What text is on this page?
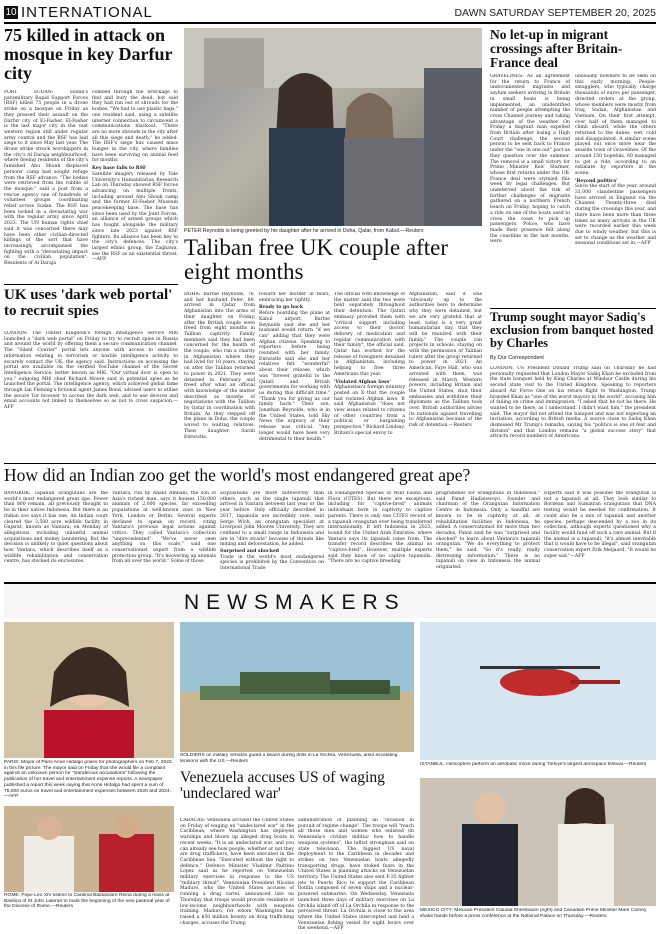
10 INTERNATIONAL	DAWN SATURDAY SEPTEMBER 20, 2025
75 killed in attack on mosque in key Darfur city
PORT SUDAN: Sudan's paramilitary Rapid Support Forces (RSF) killed 75 people in a drone strike on a mosque on Friday as they pressed their assault on the Darfur city of El-Fasher. El-Fasher is the last major city in the vast western region still under regular army control and the RSF has laid siege to it since May last year. The drone strike struck worshippers in the city's Al Daraja neighbourhood, where fleeing residents of the city's famished Abu Shouk displaced persons' camp had sought refuge from the RSF advance. "The bodies were retrieved from the rubble of the mosque," said a post from a rescue agency one of hundreds of volunteer groups coordinating relief across Sudan. The RSF has been locked in a devastating war with the regular army since April 2023. The UN human rights chief said it was concerned there may have been other civilian-directed killings of the sort that have increasingly accompanied the fighting with a "devastating impact on the civilian population". Residents of Al Daraja
combed through the wreckage to find and bury the dead, but said they had run out of shrouds for the bodies. "We had to use plastic bags," one resident said, using a satellite internet connection to circumvent a communications blackout. "There are no more shrouds in the city after all this siege and death," he added. The RSF's siege has caused mass hunger in the city, where families have been surviving on animal feed for months.
Key base falls to RSF
Satellite imagery released by Yale University's Humanitarian Research Lab on Thursday showed RSF forces advancing on multiple fronts, including around Abu Shouk camp and the former El-Fasher Museum peacekeeping base. The base has since been used by the Joint Forces, an alliance of armed groups which has fought alongside the military since late 2023 against RSF fighters. Its alliance has been key to the city's defences. The city's largest ethnic group, the Zaghawa, see the RSF as an existential threat.—AFP
UK uses 'dark web portal' to recruit spies
LONDON: The United Kingdom's foreign intelligence service MI6 launched a "dark web portal" on Friday to try to recruit spies in Russia and around the world by offering them a secure communication channel. The "Silent Courier" portal lets anyone with access to sensitive information relating to terrorism or hostile intelligence activity to securely contact the UK, the agency said. Instructions on accessing the portal are available on the verified YouTube channel of the Secret Intelligence Service, better known as MI6. "Our virtual door is open to you," outgoing MI6 chief Richard Moore said in potential spies as he launched the portal. The intelligence agency, which achieved global fame through Ian Fleming's fictional agent James Bond, advised users to utilise the secure Tor browser to access the dark web, and to use devices and email accounts not linked to themselves so as not to cross suspicion.—AFP
PETER Reynolds is being greeted by his daughter after he arrived in Doha, Qatar, from Kabul.—Reuters
Taliban free UK couple after eight months
DOHA: Barbie Reynolds, 76, and her husband Peter, 80, arrived in Qatar from Afghanistan into the arms of their daughter on Friday, after the British couple were freed from eight months in Taliban captivity. Family members said they had been concerned for the health of the couple, who ran a charity in Afghanistan where they had lived for 18 years, staying on after the Taliban returned to power in 2021. They were detained in February and freed after what an official with knowledge of the matter described as months of negotiations with the Taliban by Qatar in coordination with Britain. As they stepped off the plane in Doha, the couple waved to waiting relatives. Their daughter, Sarah Entwistle,
toward her mother in tears, embracing her tightly.
Ready to go back
Before boarding the plane at Kabul airport, Barbie Reynolds said she and her husband would return "if we can" adding that they were Afghan citizens. Speaking to reporters before being reunited with her family, Entwistle said she and her relatives felt "wonderful" about their release, which was "forever grateful to the Qatari and British governments for working with us during this difficult time." "Thank you for giving us our family back." Their son, Jonathan Reynolds, who is in the United States, told Sky News the urgency of their release was critical. "Any longer would have been very detrimental to their health."
The official with knowledge of the matter said the two were held separately throughout their detention. The Qatari embassy provided them with "critical support including access to their doctor, delivery of medication and regular communication with their family", the official said. Qatar has worked for the release of foreigners detained in Afghanistan, including helping to free three Americans this year.
'Violated Afghan laws'
Afghanistan's foreign ministry posted on X that the couple had violated Afghan laws. It said Afghanistan "does not view issues related to citizens of other countries from a political or bargaining perspective." Richard Lindsay, Britain's special envoy to
Afghanistan, said it was "obviously up to the authorities here to determine why they were detained, but we are very grateful that at least, today is a very great humanitarian day, that they will be reunited with their family." The couple ran projects in schools, staying on with the permission of Taliban rulers after the group returned to power in 2021. An American, Faye Hall, who was arrested with them, was released in March. Western powers, including Britain and the United States, shut their embassies and withdrew their diplomats as the Taliban took over. British authorities advise its nationals against travelling to Afghanistan because of the risk of detention.—Reuters
No let-up in migrant crossings after Britain-France deal
GRAVELINES: As an agreement for the return to France of undocumented migrants and asylum seekers arriving in Britain in small boats is being implemented, an unidentified number of people attempting the cross Channel journey and taking advantage of the weather. On Friday a migrant man expelled from Britain after losing a High Court challenge, the second person to be sent back to France under the "one in one out" pact as they question over the summer. The removal is a small victory for Prime Minister Keir Starmer, whose first returns under the UK-France deal were stymied this week by legal challenges. But undeterred about the risk of further challenges of migrants gathered on a northern French beach on Friday, hoping to catch a ride on one of the boats used to cross the coast to pick up passengers. Police, who have made their presence felt along the coastline in the last months, were
unusually nowhere to be seen on this early morning. People-smugglers, who typically charge thousands of euros per passenger, directed orders at the group, whose members were mostly from Iraq, Sudan, Afghanistan and Vietnam. On their first attempt, over half of them managed to climb aboard, while the others returned to the dunes, wet, cold and disappointed. A similar scene played out once more near the seaside town of Gravelines. Of the around 150 hopefuls, 60 managed to get a ride, according to an estimate by reporters at the scene.
'Beyond politics'
Since the start of the year, around 31,000 clandestine passengers have arrived in England via the Channel. Twenty-three died during the crossings this year, and there have been more than three times as many arrivals in the UK were recorded earlier this week due to windy weather, but this is set to change as the weather and seasonal conditions set in.—AFP
Trump sought mayor Sadiq's exclusion from banquet hosted by Charles
By Our Correspondent
LONDON: US President Donald Trump said on Thursday he had personally requested that London Mayor Sadiq Khan be excluded from the state banquet held by King Charles at Windsor Castle during his second state visit to the United Kingdom. Speaking to reporters aboard Air Force One on his return flight to Washington, Trump branded Khan as "one of the worst mayors in the world", accusing him of failing on crime and immigration. "I asked that he not be there. He wanted to be there, as I understand, I didn't want him," the president said. The mayor did not attend the banquet and was not expecting an invitation, according to British media. A source close to Sadiq Khan dismissed Mr Trump's remarks, saying his "politics is one of fear and division" and that London remains "a global success story" that attracts record numbers of Americans.
How did an Indian zoo get the world's most endangered great ape?
BANGKOK: Tapanuli orangutans are the world's most endangered great ape. Fewer than 800 remain, all previously thought to be in their native Indonesia. But there is an Indian zoo says it has one. An Indian court cleared the 3,500 acre wildlife facility in Gujarat, known as Vantara, on Monday of allegations including unlawful animal acquisitions and money laundering. But the decision is unlikely to quiet questions about how Vantara, which describes itself as a wildlife rehabilitation and conservation centre, has stocked its enclosures.
Vantara, run by Anant Ambani, the son of Asia's richest man, says it houses 150,000 animals of 2,000 species, far exceeding populations at well-known zoos in New York, London or Berlin. Several experts declined to speak on record, citing Vantara's previous legal actions against critics. They called Vantara's collection "unprecedented". "We've never seen anything on this scale," said one conservationist expert from a wildlife protection group. "It's hoovering up animals from all over the world." Some of those
acquisitions are more noteworthy than others, such as the single tapanuli that arrived in Vantara between last year or the year before. Only officially described in 2017, tapanulis are incredibly rare, said Serge Wich, an orangutan specialist at Liverpool John Moores University. They are confined to a small range in Indonesia and are in "dire straits" because of threats like mining and deforestation, he added.
Surprised and shocked
Trade in the world's most endangered species is prohibited by the Convention on International Trade
in Endangered Species of Wild Fauna and Flora (CITES). But there are exceptions, including for "captive-bred" animals individuals born in captivity to captive parents. There is only one CITES record of a tapanuli orangutan ever being transferred internationally. It left Indonesia in 2023, bound for the United Arab Emirates, where Vantara says its tapanuli came from. The transfer record describes the animal as "captive-bred". However, multiple experts said they know of no captive tapanulis. "There are no captive breeding
programmes for orangutans in Indonesia," said Panut Hadisiswoyo, founder and chairman of the Orangutan Information Centre in Indonesia. Only a handful are known to be in captivity at all, at rehabilitation facilities in Indonesia, he added. A conservationist for more than two decades, Panut said he was "surprised and shocked" to learn about Vantara's tapanuli orangutan. "We do everything to protect them," he said. "So it's really, really distressing information." There is no tapanuli on view in Indonesia the animal originated.
Experts said it was possible the orangutan is not a tapanuli at all. They look similar to Bornean and Sumatran orangutans that DNA testing would be needed for confirmation. It could also be a mix of tapanuli and another species, perhaps descended by a zoo in its collection, although experts questioned why a facility would fund off such a rare animal. But if the animal is a tapanuli, "it's almost inevitable that it would have to be illegal", said orangutan conservation expert Erik Meijaard. "It would be super sad."—AFP
NEWSMAKERS
PARIS: Mayor of Paris Anne Hidalgo poses for photographers on Feb 7, 2022, in this file picture. The mayor said on Friday that she would file a complaint against an unknown person for "slanderous accusations" following the publication of her travel and entertainment expense reports. A newspaper published a report this week saying that Anne Hidalgo had spent a sum of 75,000 euros on travel and entertainment expenses between 2020 and 2024.—AFP
ROME: Pope Leo XIV listens to Cardinal Baldassare Reina during a mass at Basilica of St John Lateran to mark the beginning of the new pastoral year of the Diocese of Rome.—Reuters
SOLDIERS on military vehicles guard a beach during drills in La Orchila, Venezuela, amid escalating tensions with the US.—Reuters
Venezuela accuses US of waging 'undeclared war'
CARACAS: Venezuela accused the United States on Friday of waging an "undeclared war" in the Caribbean, where Washington has deployed warships and blown up alleged drug boats in recent weeks. "It is an undeclared war, and you can already see how people, whether or not they are drug traffickers, have been executed in the Caribbean Sea. "Executed without the right to defence," Defence Minister Vladimir Padrino Lopez said as he reported on Venezuelan military exercises in response to the US "military threat". Venezuelan President Nicolas Maduro, who the United States accuses of running a drug cartel, announced late on Thursday that troops would provide residents of low-income neighbourhoods with weapons training. Maduro, for whom Washington has raised a $50 million bounty on drug trafficking charges, accuses the Trump
administration of planning an "invasion in pursuit of regime change". The troops will "reach all those men and women who enlisted (in Venezuela's civilian militia) how to handle weapons systems", the leftist strongman said on state television. The biggest US naval deployment to the Caribbean in decades and strikes on two Venezuelan boats allegedly transporting drugs, have stoked fears in the United States is planning attacks on Venezuelan territory. The United States also sent F-35 fighter jets to Puerto Rico to support the Caribbean flotilla composed of seven ships and a nuclear-powered submarine. On Wednesday, Venezuela launched three days of military exercises on La Orchila island off of La Orchila in response to the perceived threat. La Orchila is close to the area where the United States intercepted and held a Venezuelan fishing vessel for eight hours over the weekend.—AFP
ISTANBUL: Helicopters perform an aerobatic move during Turkiye's largest aerospace festival.—Reuters
MEXICO CITY: Mexican President Claudia Sheinbaum (right) and Canadian Prime Minister Mark Carney shake hands before a press conference at the National Palace on Thursday.—Reuters
